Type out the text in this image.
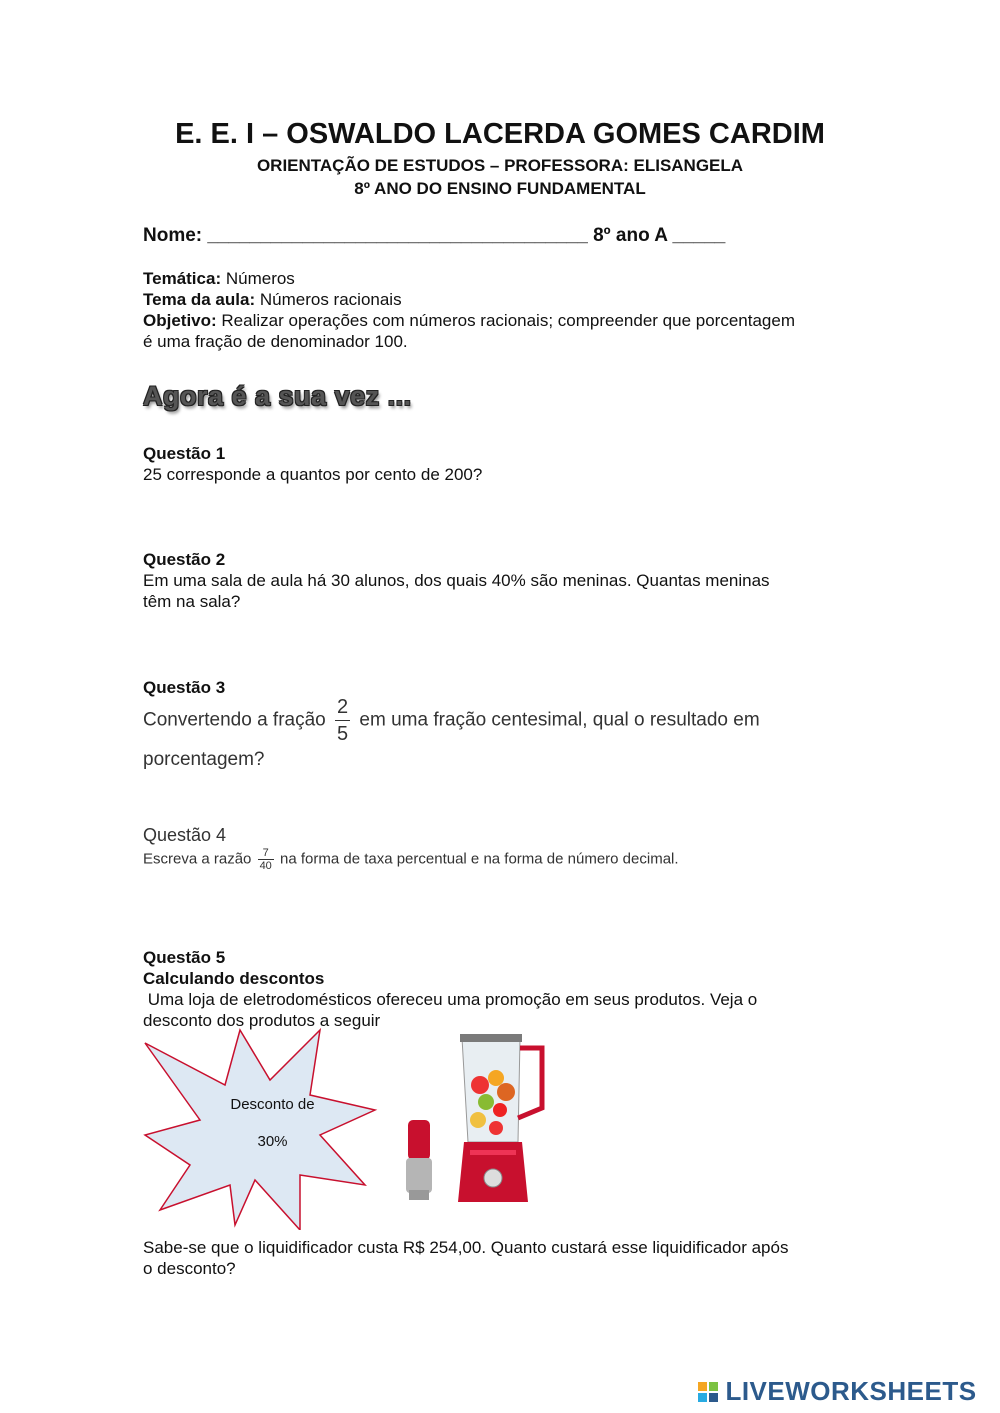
E. E. I – OSWALDO LACERDA GOMES CARDIM
ORIENTAÇÃO DE ESTUDOS – PROFESSORA: ELISANGELA
8º ANO DO ENSINO FUNDAMENTAL
Nome: ____________________________________ 8º ano A _____
Temática: Números
Tema da aula: Números racionais
Objetivo: Realizar operações com números racionais; compreender que porcentagem
é uma fração de denominador 100.
Agora é a sua vez ...
Questão 1
25 corresponde a quantos por cento de 200?
Questão 2
Em uma sala de aula há 30 alunos, dos quais 40% são meninas. Quantas meninas
têm na sala?
Questão 3
Convertendo a fração $\frac{2}{5}$ em uma fração centesimal, qual o resultado em
porcentagem?
Questão 4
Escreva a razão $\frac{7}{40}$ na forma de taxa percentual e na forma de número decimal.
Questão 5
Calculando descontos
Uma loja de eletrodomésticos ofereceu uma promoção em seus produtos. Veja o
desconto dos produtos a seguir
Desconto de
30%
Sabe-se que o liquidificador custa R$ 254,00. Quanto custará esse liquidificador após
o desconto?

LIVEWORKSHEETS
